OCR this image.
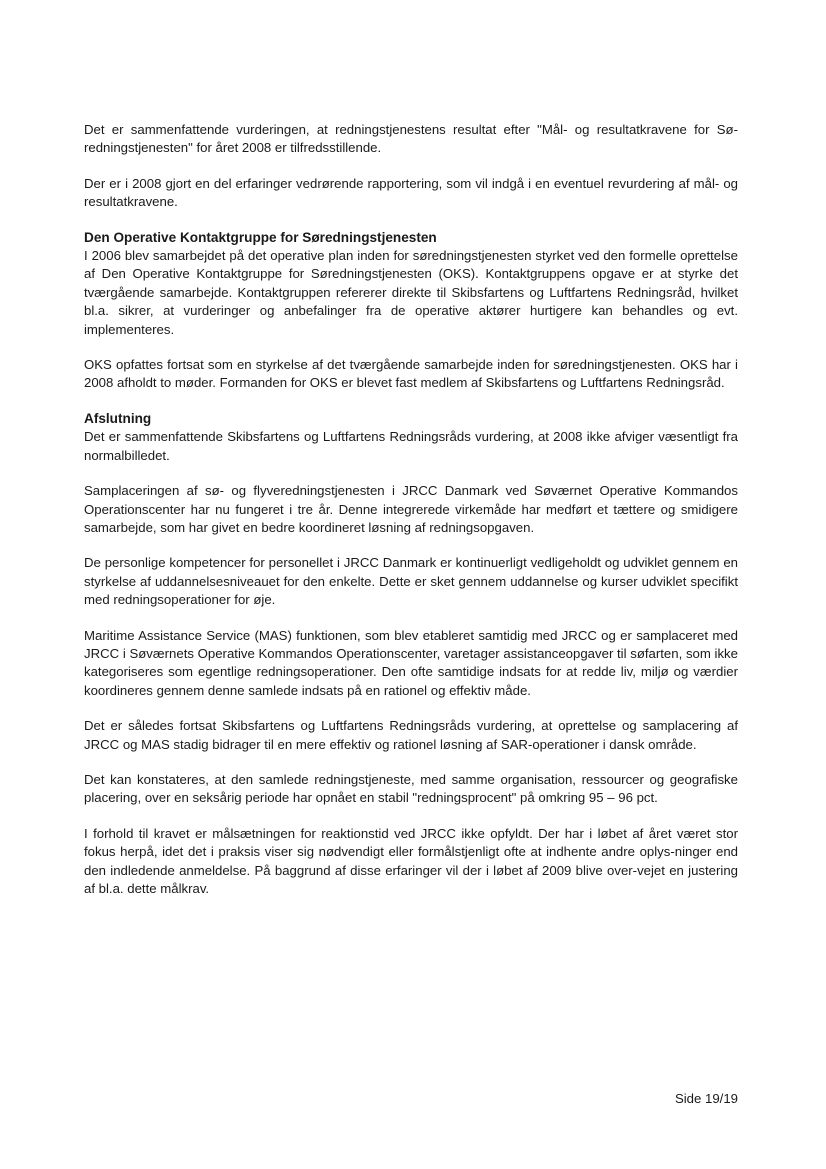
Det er sammenfattende vurderingen, at redningstjenestens resultat efter "Mål- og resultatkravene for Sø-redningstjenesten" for året 2008 er tilfredsstillende.

Der er i 2008 gjort en del erfaringer vedrørende rapportering, som vil indgå i en eventuel revurdering af mål- og resultatkravene.

Den Operative Kontaktgruppe for Søredningstjenesten

I 2006 blev samarbejdet på det operative plan inden for søredningstjenesten styrket ved den formelle oprettelse af Den Operative Kontaktgruppe for Søredningstjenesten (OKS). Kontaktgruppens opgave er at styrke det tværgående samarbejde. Kontaktgruppen refererer direkte til Skibsfartens og Luftfartens Redningsråd, hvilket bl.a. sikrer, at vurderinger og anbefalinger fra de operative aktører hurtigere kan behandles og evt. implementeres.

OKS opfattes fortsat som en styrkelse af det tværgående samarbejde inden for søredningstjenesten. OKS har i 2008 afholdt to møder. Formanden for OKS er blevet fast medlem af Skibsfartens og Luftfartens Redningsråd.

Afslutning

Det er sammenfattende Skibsfartens og Luftfartens Redningsråds vurdering, at 2008 ikke afviger væsentligt fra normalbilledet.

Samplaceringen af sø- og flyveredningstjenesten i JRCC Danmark ved Søværnet Operative Kommandos Operationscenter har nu fungeret i tre år. Denne integrerede virkemåde har medført et tættere og smidigere samarbejde, som har givet en bedre koordineret løsning af redningsopgaven.

De personlige kompetencer for personellet i JRCC Danmark er kontinuerligt vedligeholdt og udviklet gennem en styrkelse af uddannelsesniveauet for den enkelte. Dette er sket gennem uddannelse og kurser udviklet specifikt med redningsoperationer for øje.

Maritime Assistance Service (MAS) funktionen, som blev etableret samtidig med JRCC og er samplaceret med JRCC i Søværnets Operative Kommandos Operationscenter, varetager assistanceopgaver til søfarten, som ikke kategoriseres som egentlige redningsoperationer. Den ofte samtidige indsats for at redde liv, miljø og værdier koordineres gennem denne samlede indsats på en rationel og effektiv måde.

Det er således fortsat Skibsfartens og Luftfartens Redningsråds vurdering, at oprettelse og samplacering af JRCC og MAS stadig bidrager til en mere effektiv og rationel løsning af SAR-operationer i dansk område.

Det kan konstateres, at den samlede redningstjeneste, med samme organisation, ressourcer og geografiske placering, over en seksårig periode har opnået en stabil "redningsprocent" på omkring 95 – 96 pct.

I forhold til kravet er målsætningen for reaktionstid ved JRCC ikke opfyldt. Der har i løbet af året været stor fokus herpå, idet det i praksis viser sig nødvendigt eller formålstjenligt ofte at indhente andre oplys-ninger end den indledende anmeldelse. På baggrund af disse erfaringer vil der i løbet af 2009 blive over-vejet en justering af bl.a. dette målkrav.

Side 19/19
